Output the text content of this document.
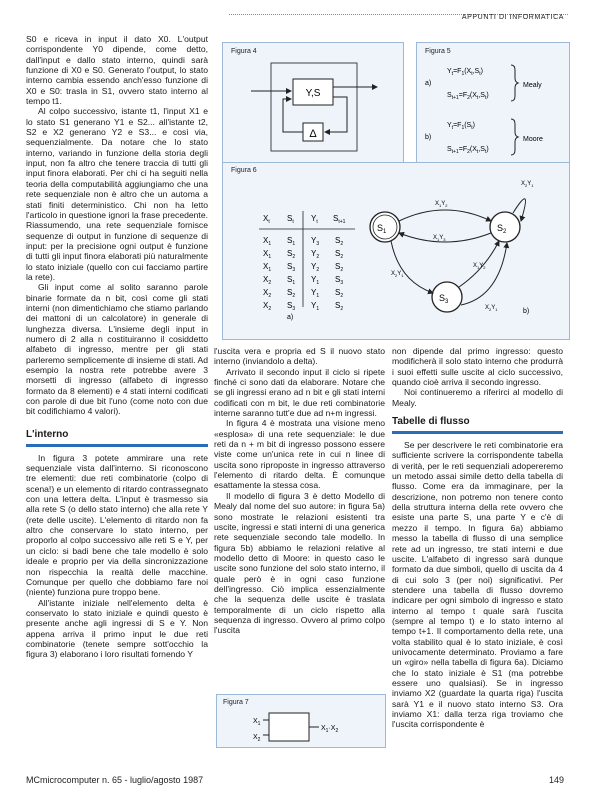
APPUNTI DI INFORMATICA

S0 e riceva in input il dato X0. L'output corrispondente Y0 dipende, come detto, dall'input e dallo stato interno, quindi sarà funzione di X0 e S0. Generato l'output, lo stato interno cambia essendo anch'esso funzione di X0 e S0: trasla in S1, ovvero stato interno al tempo t1.

Al colpo successivo, istante t1, l'input X1 e lo stato S1 generano Y1 e S2... all'istante t2, S2 e X2 generano Y2 e S3... e così via, sequenzialmente. Da notare che lo stato interno, variando in funzione della storia degli input, non fa altro che tenere traccia di tutti gli input finora elaborati. Per chi ci ha seguiti nella teoria della computabilità aggiungiamo che una rete sequenziale non è altro che un automa a stati finiti deterministico. Chi non ha letto l'articolo in questione ignori la frase precedente. Riassumendo, una rete sequenziale fornisce sequenze di output in funzione di sequenze di input: per la precisione ogni output è funzione di tutti gli input finora elaborati più naturalmente lo stato iniziale (quello con cui facciamo partire la rete).

Gli input come al solito saranno parole binarie formate da n bit, così come gli stati interni (non dimentichiamo che stiamo parlando dei mattoni di un calcolatore) in generale di lunghezza diversa. L'insieme degli input in numero di 2 alla n costituiranno il cosiddetto alfabeto di ingresso, mentre per gli stati parleremo semplicemente di insieme di stati. Ad esempio la nostra rete potrebbe avere 3 morsetti di ingresso (alfabeto di ingresso formato da 8 elementi) e 4 stati interni codificati con parole di due bit l'uno (come noto con due bit codifichiamo 4 valori).

L'interno

In figura 3 potete ammirare una rete sequenziale vista dall'interno. Si riconoscono tre elementi: due reti combinatorie (colpo di scena!) e un elemento di ritardo contrassegnato con una lettera delta. L'input è trasmesso sia alla rete S (o dello stato interno) che alla rete Y (rete delle uscite). L'elemento di ritardo non fa altro che conservare lo stato interno, per proporlo al colpo successivo alle reti S e Y, per un ciclo: si badi bene che tale modello è solo ideale e proprio per via della sincronizzazione non rispecchia la realtà delle macchine. Comunque per quello che dobbiamo fare noi (niente) funziona pure troppo bene.

All'istante iniziale nell'elemento delta è conservato lo stato iniziale e quindi questo è presente anche agli ingressi di S e Y. Non appena arriva il primo input le due reti combinatorie (tenete sempre sott'occhio la figura 3) elaborano i loro risultati fornendo Y

Figura 4
Y,S
Δ
Figura 5
a)
$Y_t=F_1(X_t,S_t)$
$S_{t+1}=F_2(X_t,S_t)$
Mealy
b)
$Y_t=F_1(S_t)$
$S_{t+1}=F_2(X_t,S_t)$
Moore
Figura 6
$X_t$ $S_t$ $Y_t$ $S_{t+1}$
$X_1$ $S_1$ $Y_3$ $S_2$
$X_1$ $S_2$ $Y_2$ $S_2$
$X_1$ $S_3$ $Y_2$ $S_2$
$X_2$ $S_1$ $Y_1$ $S_3$
$X_2$ $S_2$ $Y_1$ $S_2$
$X_2$ $S_3$ $Y_1$ $S_2$
a)
$S_1$	$S_2$
$S_3$
$X_1Y_2$
$X_1Y_3$
$X_2Y_1$
$X_1Y_2$
$X_2Y_1$
$X_2Y_1$
b)

l'uscita vera e propria ed S il nuovo stato interno (inviandolo a delta).

Arrivato il secondo input il ciclo si ripete finché ci sono dati da elaborare. Notare che se gli ingressi erano ad n bit e gli stati interni codificati con m bit, le due reti combinatorie interne saranno tutt'e due ad n+m ingressi.

In figura 4 è mostrata una visione meno «esplosa» di una rete sequenziale: le due reti da n + m bit di ingresso possono essere viste come un'unica rete in cui n linee di uscita sono riproposte in ingresso attraverso l'elemento di ritardo delta. È comunque esattamente la stessa cosa.

Il modello di figura 3 è detto Modello di Mealy dal nome del suo autore: in figura 5a) sono mostrate le relazioni esistenti tra uscite, ingressi e stati interni di una generica rete sequenziale secondo tale modello. In figura 5b) abbiamo le relazioni relative al modello detto di Moore: in questo caso le uscite sono funzione del solo stato interno, il quale però è in ogni caso funzione dell'ingresso. Ciò implica essenzialmente che la sequenza delle uscite è traslata temporalmente di un ciclo rispetto alla sequenza di ingresso. Ovvero al primo colpo l'uscita

Figura 7
$X_1$
$X_2$
$X_1\cdot X_2$

non dipende dal primo ingresso: questo modificherà il solo stato interno che produrrà i suoi effetti sulle uscite al ciclo successivo, quando cioè arriva il secondo ingresso.

Noi continueremo a riferirci al modello di Mealy.

Tabelle di flusso

Se per descrivere le reti combinatorie era sufficiente scrivere la corrispondente tabella di verità, per le reti sequenziali adopereremo un metodo assai simile detto della tabella di flusso. Come era da immaginare, per la descrizione, non potremo non tenere conto della struttura interna della rete ovvero che esiste una parte S, una parte Y e c'è di mezzo il tempo. In figura 6a) abbiamo messo la tabella di flusso di una semplice rete ad un ingresso, tre stati interni e due uscite. L'alfabeto di ingresso sarà dunque formato da due simboli, quello di uscita da 4 di cui solo 3 (per noi) significativi. Per stendere una tabella di flusso dovremo indicare per ogni simbolo di ingresso e stato interno al tempo t quale sarà l'uscita (sempre al tempo t) e lo stato interno al tempo t+1. Il comportamento della rete, una volta stabilito qual è lo stato iniziale, è così univocamente determinato. Proviamo a fare un «giro» nella tabella di figura 6a). Diciamo che lo stato iniziale è S1 (ma potrebbe essere uno qualsiasi). Se in ingresso inviamo X2 (guardate la quarta riga) l'uscita sarà Y1 e il nuovo stato interno S3. Ora inviamo X1: dalla terza riga troviamo che l'uscita corrispondente è

MCmicrocomputer n. 65 - luglio/agosto 1987	149
